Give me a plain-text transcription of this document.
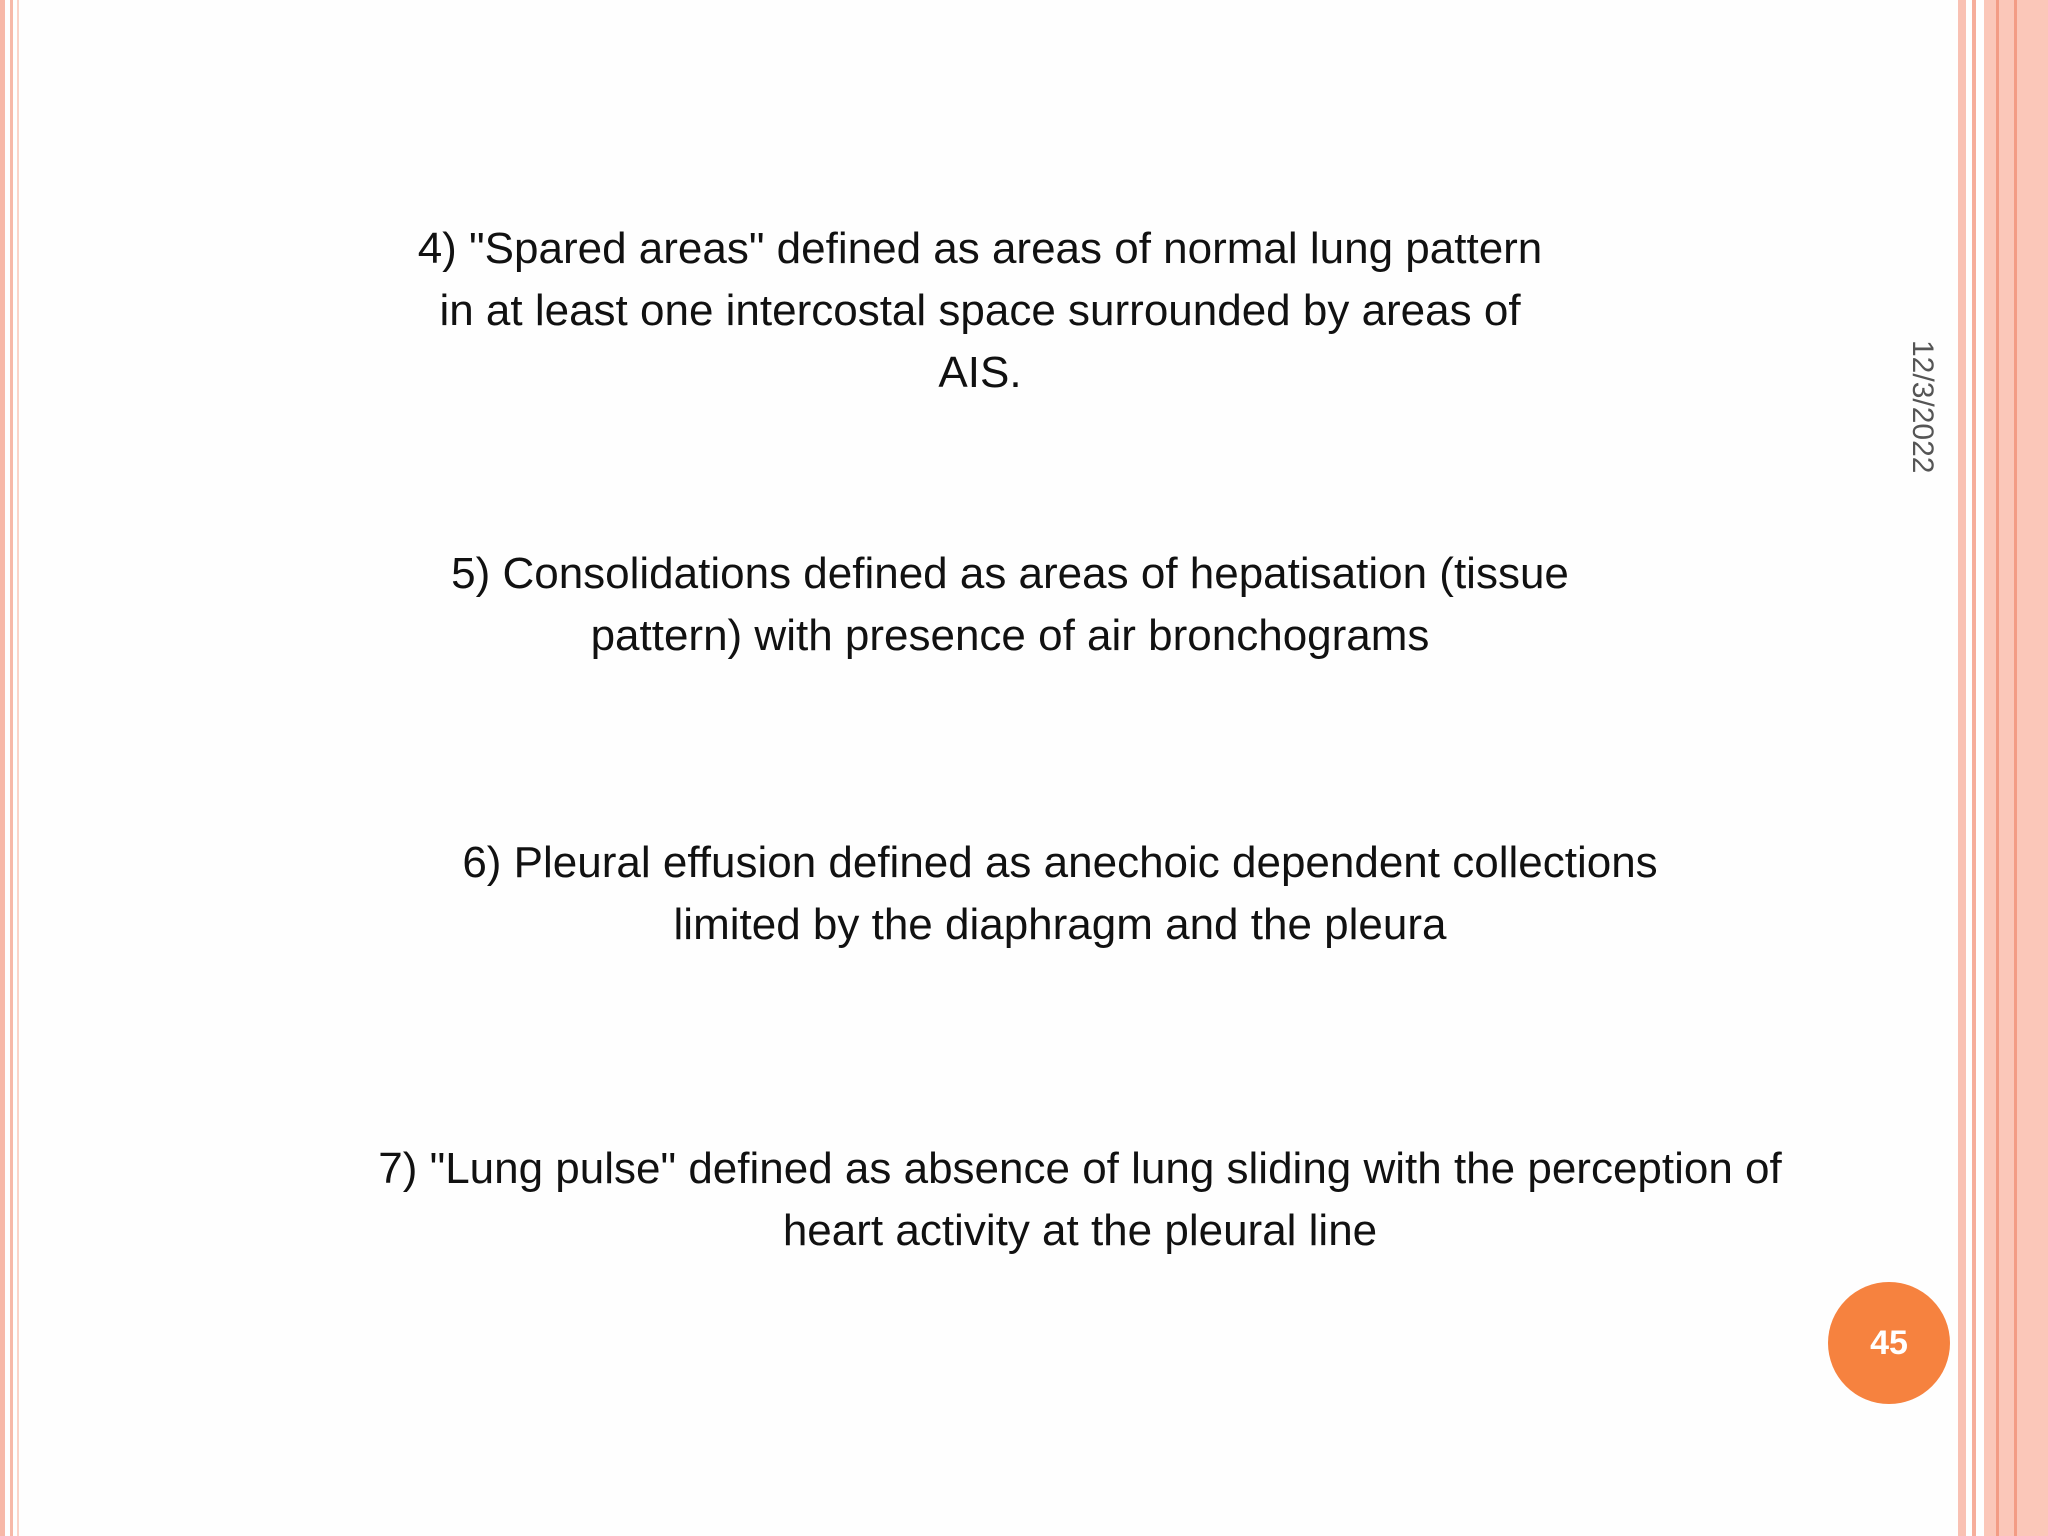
4) "Spared areas" defined as areas of normal lung pattern
in at least one intercostal space surrounded by areas of
AIS.

5) Consolidations defined as areas of hepatisation (tissue
pattern) with presence of air bronchograms

6) Pleural effusion defined as anechoic dependent collections
limited by the diaphragm and the pleura

7) "Lung pulse" defined as absence of lung sliding with the perception of
heart activity at the pleural line

12/3/2022
45
